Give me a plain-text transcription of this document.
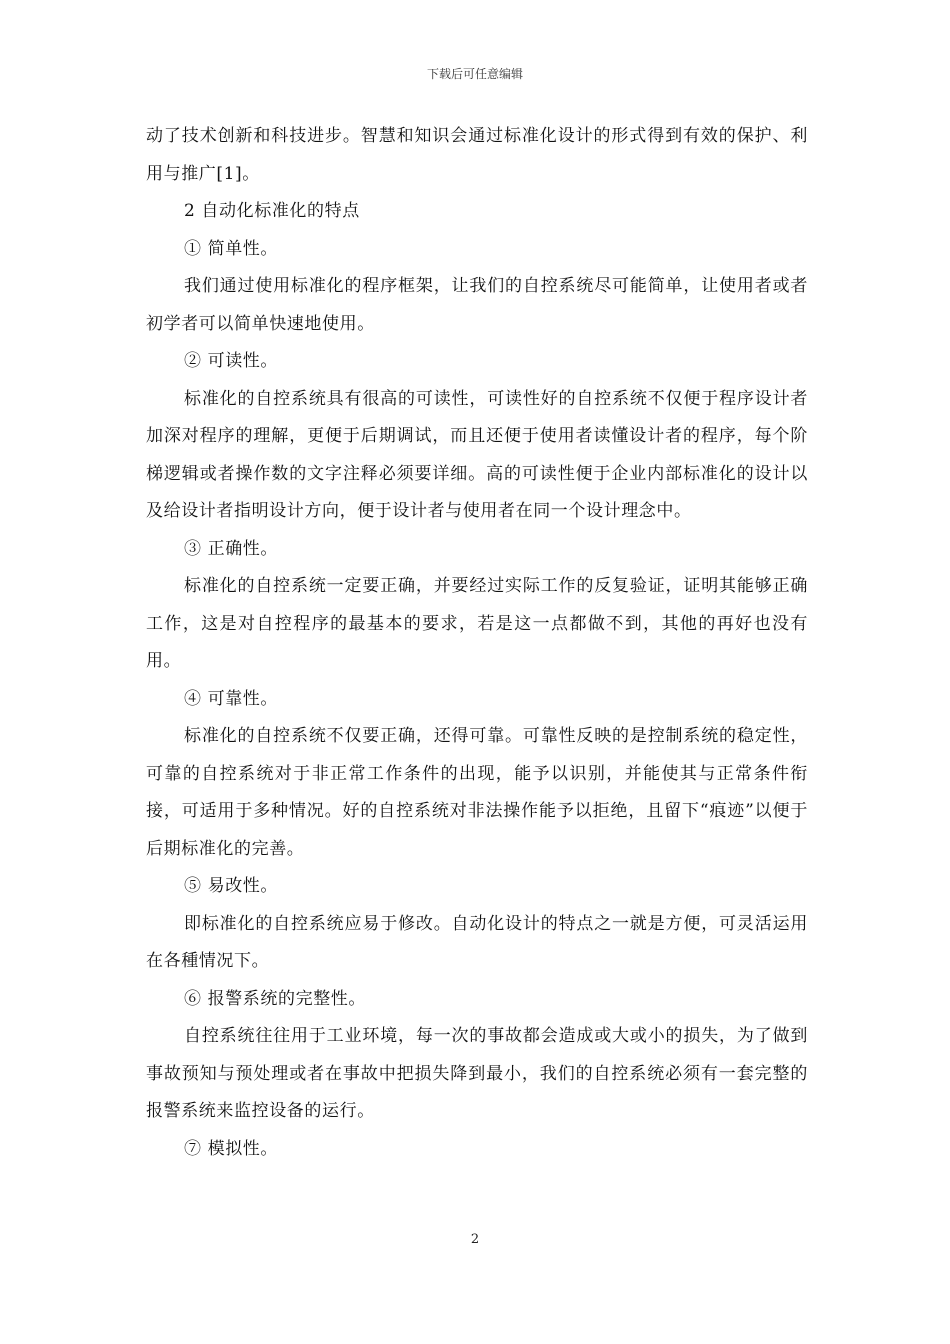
下载后可任意编辑

动了技术创新和科技进步。智慧和知识会通过标准化设计的形式得到有效的保护、利用与推广[1]。

2 自动化标准化的特点

① 简单性。

我们通过使用标准化的程序框架，让我们的自控系统尽可能简单，让使用者或者初学者可以简单快速地使用。

② 可读性。

标准化的自控系统具有很高的可读性，可读性好的自控系统不仅便于程序设计者加深对程序的理解，更便于后期调试，而且还便于使用者读懂设计者的程序，每个阶梯逻辑或者操作数的文字注释必须要详细。高的可读性便于企业内部标准化的设计以及给设计者指明设计方向，便于设计者与使用者在同一个设计理念中。

③ 正确性。

标准化的自控系统一定要正确，并要经过实际工作的反复验证，证明其能够正确工作，这是对自控程序的最基本的要求，若是这一点都做不到，其他的再好也没有用。

④ 可靠性。

标准化的自控系统不仅要正确，还得可靠。可靠性反映的是控制系统的稳定性，可靠的自控系统对于非正常工作条件的出现，能予以识别，并能使其与正常条件衔接，可适用于多种情况。好的自控系统对非法操作能予以拒绝，且留下“痕迹”以便于后期标准化的完善。

⑤ 易改性。

即标准化的自控系统应易于修改。自动化设计的特点之一就是方便，可灵活运用在各種情况下。

⑥ 报警系统的完整性。

自控系统往往用于工业环境，每一次的事故都会造成或大或小的损失，为了做到事故预知与预处理或者在事故中把损失降到最小，我们的自控系统必须有一套完整的报警系统来监控设备的运行。

⑦ 模拟性。

2
